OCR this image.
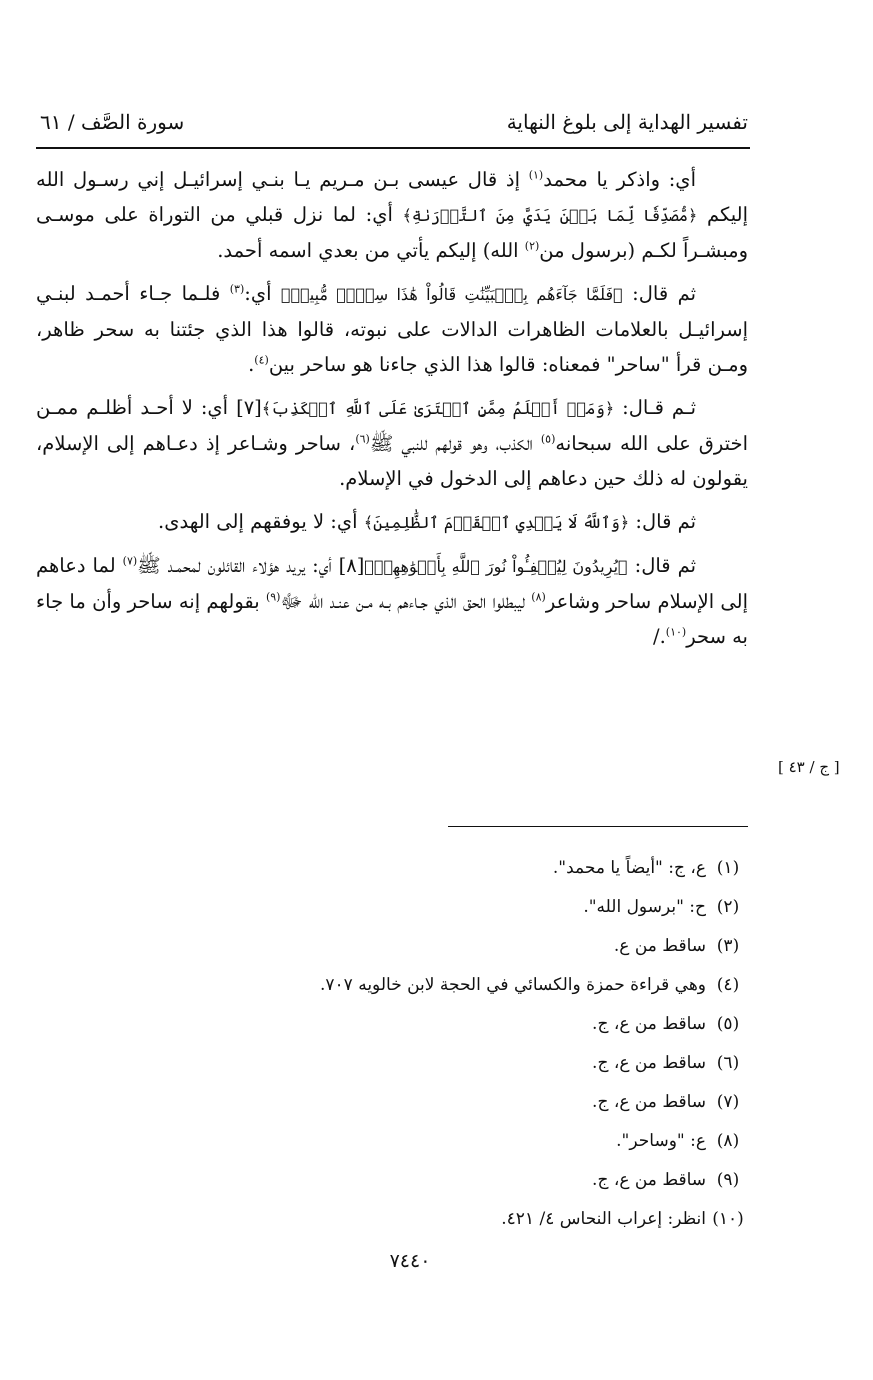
تفسير الهداية إلى بلوغ النهاية
سورة الصَّف / ٦١

أي: واذكر يا محمد$^{(١)}$ إذ قال عيسى بـن مـريم يـا بنـي إسرائيـل إني رسـول الله إليكم ﴿مُّصَدِّقٗا لِّمَا بَيۡنَ يَدَيَّ مِنَ ٱلتَّوۡرَىٰةِ﴾ أي: لما نزل قبلي من التوراة على موسـى ومبشـراً لكـم (برسول من$^{(٢)}$ الله) إليكم يأتي من بعدي اسمه أحمد.

ثم قال: ﴿فَلَمَّا جَآءَهُم بِٱلۡبَيِّنَٰتِ قَالُواْ هَٰذَا سِحۡرٞ مُّبِينٞ﴾ أي:$^{(٣)}$ فلـما جـاء أحمـد لبنـي إسرائيـل بالعلامات الظاهرات الدالات على نبوته، قالوا هذا الذي جئتنا به سحر ظاهر، ومـن قرأ "ساحر" فمعناه: قالوا هذا الذي جاءنا هو ساحر بين$^{(٤)}$.

ثـم قـال: ﴿وَمَنۡ أَظۡلَمُ مِمَّنِ ٱفۡتَرَىٰ عَلَى ٱللَّهِ ٱلۡكَذِبَ﴾[٧] أي: لا أحـد أظلـم ممـن اخترق على الله سبحانه$^{(٥)}$ الكذب، وهو قولهم للنبي ﷺ$^{(٦)}$، ساحر وشـاعر إذ دعـاهم إلى الإسلام، يقولون له ذلك حين دعاهم إلى الدخول في الإسلام.

ثم قال: ﴿وَٱللَّهُ لَا يَهۡدِي ٱلۡقَوۡمَ ٱلظَّٰلِمِينَ﴾ أي: لا يوفقهم إلى الهدى.

ثم قال: ﴿يُرِيدُونَ لِيُطۡفِـُٔواْ نُورَ ٱللَّهِ بِأَفۡوَٰهِهِمۡ﴾[٨] أي: يريد هؤلاء القائلون لمحمـد ﷺ$^{(٧)}$ لما دعاهم إلى الإسلام ساحر وشاعر$^{(٨)}$ ليبطلوا الحق الذي جـاءهم بـه مـن عنـد الله ﷻ$^{(٩)}$ بقولهم إنه ساحر وأن ما جاء به سحر$^{(١٠)}$./

[ ج / ٤٣ ]
(١)
ع، ج: "أيضاً يا محمد".
(٢)
ح: "برسول الله".
(٣)
ساقط من ع.
(٤)
وهي قراءة حمزة والكسائي في الحجة لابن خالويه ٧٠٧.
(٥)
ساقط من ع، ج.
(٦)
ساقط من ع، ج.
(٧)
ساقط من ع، ج.
(٨)
ع: "وساحر".
(٩)
ساقط من ع، ج.
(١٠)
انظر: إعراب النحاس ٤/ ٤٢١.
٧٤٤٠
